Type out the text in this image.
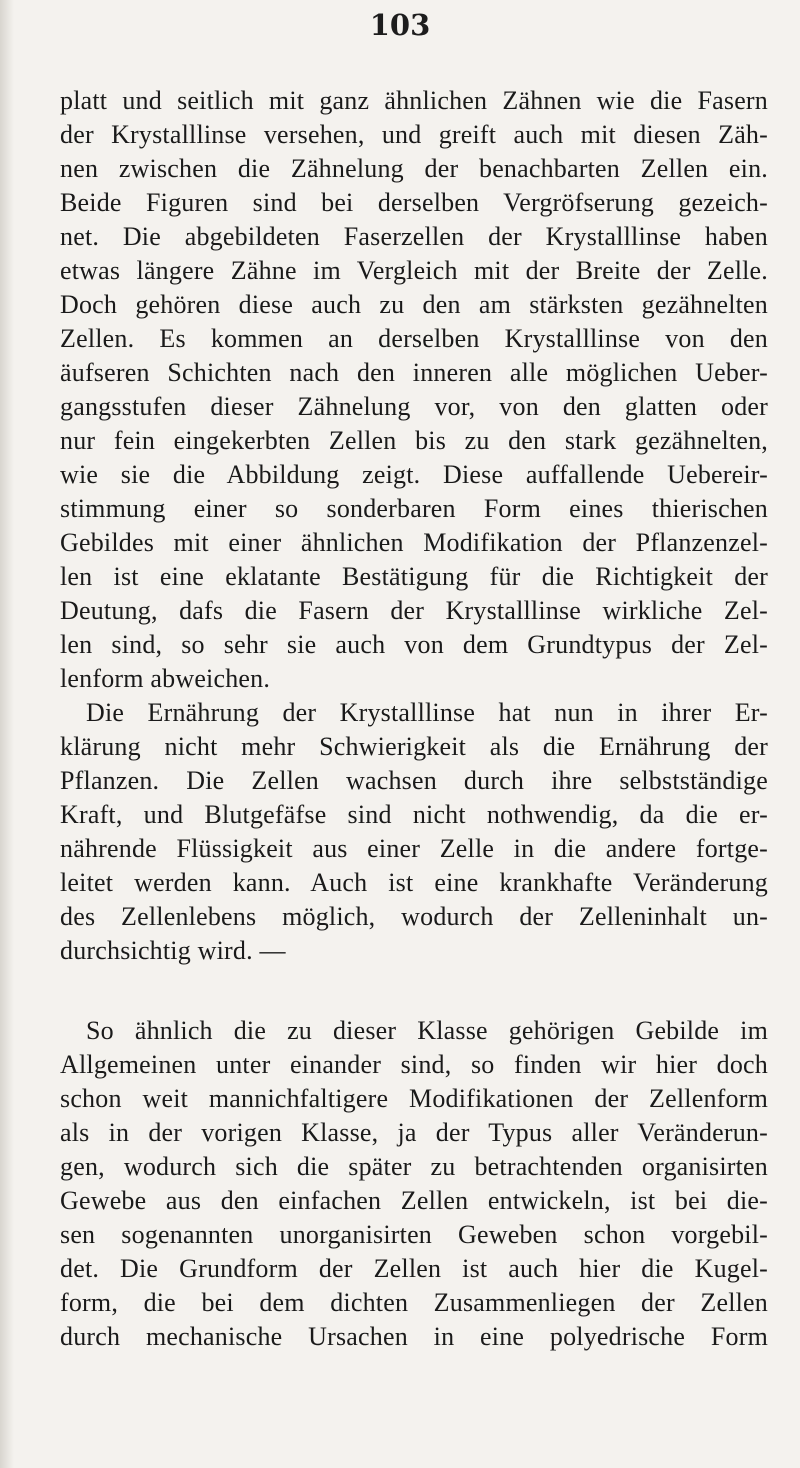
103
platt und seitlich mit ganz ähnlichen Zähnen wie die Fasern
der Krystalllinse versehen, und greift auch mit diesen Zäh-
nen zwischen die Zähnelung der benachbarten Zellen ein.
Beide Figuren sind bei derselben Vergröfserung gezeich-
net. Die abgebildeten Faserzellen der Krystalllinse haben
etwas längere Zähne im Vergleich mit der Breite der Zelle.
Doch gehören diese auch zu den am stärksten gezähnelten
Zellen. Es kommen an derselben Krystalllinse von den
äufseren Schichten nach den inneren alle möglichen Ueber-
gangsstufen dieser Zähnelung vor, von den glatten oder
nur fein eingekerbten Zellen bis zu den stark gezähnelten,
wie sie die Abbildung zeigt. Diese auffallende Uebereir-
stimmung einer so sonderbaren Form eines thierischen
Gebildes mit einer ähnlichen Modifikation der Pflanzenzel-
len ist eine eklatante Bestätigung für die Richtigkeit der
Deutung, dafs die Fasern der Krystalllinse wirkliche Zel-
len sind, so sehr sie auch von dem Grundtypus der Zel-
lenform abweichen.
Die Ernährung der Krystalllinse hat nun in ihrer Er-
klärung nicht mehr Schwierigkeit als die Ernährung der
Pflanzen. Die Zellen wachsen durch ihre selbstständige
Kraft, und Blutgefäfse sind nicht nothwendig, da die er-
nährende Flüssigkeit aus einer Zelle in die andere fortge-
leitet werden kann. Auch ist eine krankhafte Veränderung
des Zellenlebens möglich, wodurch der Zelleninhalt un-
durchsichtig wird. —
So ähnlich die zu dieser Klasse gehörigen Gebilde im
Allgemeinen unter einander sind, so finden wir hier doch
schon weit mannichfaltigere Modifikationen der Zellenform
als in der vorigen Klasse, ja der Typus aller Veränderun-
gen, wodurch sich die später zu betrachtenden organisirten
Gewebe aus den einfachen Zellen entwickeln, ist bei die-
sen sogenannten unorganisirten Geweben schon vorgebil-
det. Die Grundform der Zellen ist auch hier die Kugel-
form, die bei dem dichten Zusammenliegen der Zellen
durch mechanische Ursachen in eine polyedrische Form
